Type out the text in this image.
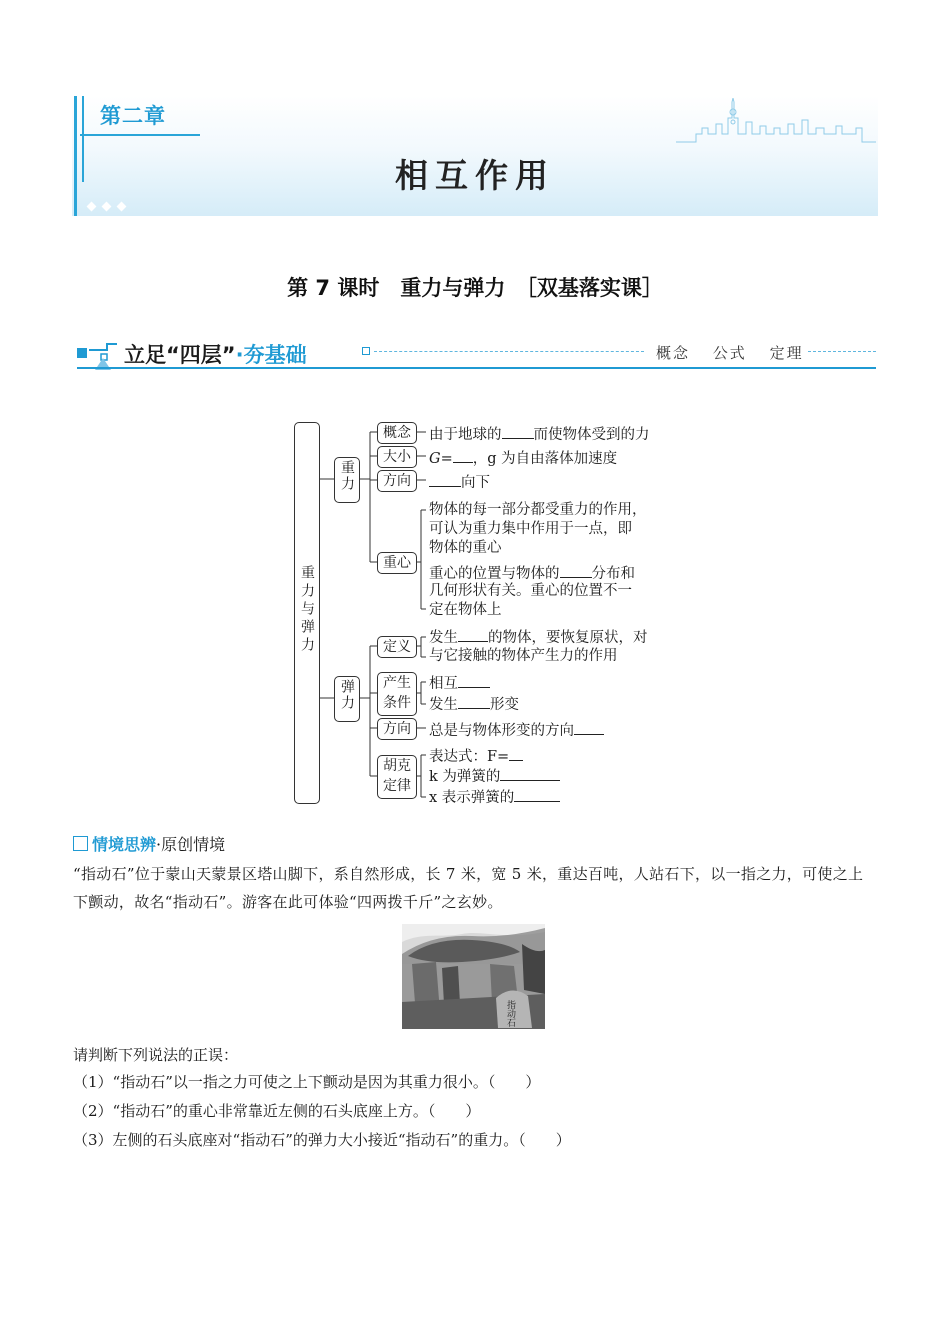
第二章
相互作用
第 7 课时　重力与弹力　［双基落实课］
立足“四层”·夯基础	概念 公式 定理
重力与弹力
重力
弹力
概念
大小
方向
重心
由于地球的 而使物体受到的力
G= ，g 为自由落体加速度
向下
物体的每一部分都受重力的作用，
可认为重力集中作用于一点，即
物体的重心
重心的位置与物体的 分布和
几何形状有关。重心的位置不一
定在物体上
定义
产生
条件
方向
胡克
定律
发生 的物体，要恢复原状，对
与它接触的物体产生力的作用
相互
发生 形变
总是与物体形变的方向
表达式：F=
k 为弹簧的
x 表示弹簧的
情境思辨·原创情境
“指动石”位于蒙山天蒙景区塔山脚下，系自然形成，长 7 米，宽 5 米，重达百吨，人站石下，以一指之力，可使之上下颤动，故名“指动石”。游客在此可体验“四两拨千斤”之玄妙。
指动石
请判断下列说法的正误：
（1）“指动石”以一指之力可使之上下颤动是因为其重力很小。（　　）
（2）“指动石”的重心非常靠近左侧的石头底座上方。（　　）
（3）左侧的石头底座对“指动石”的弹力大小接近“指动石”的重力。（　　）
